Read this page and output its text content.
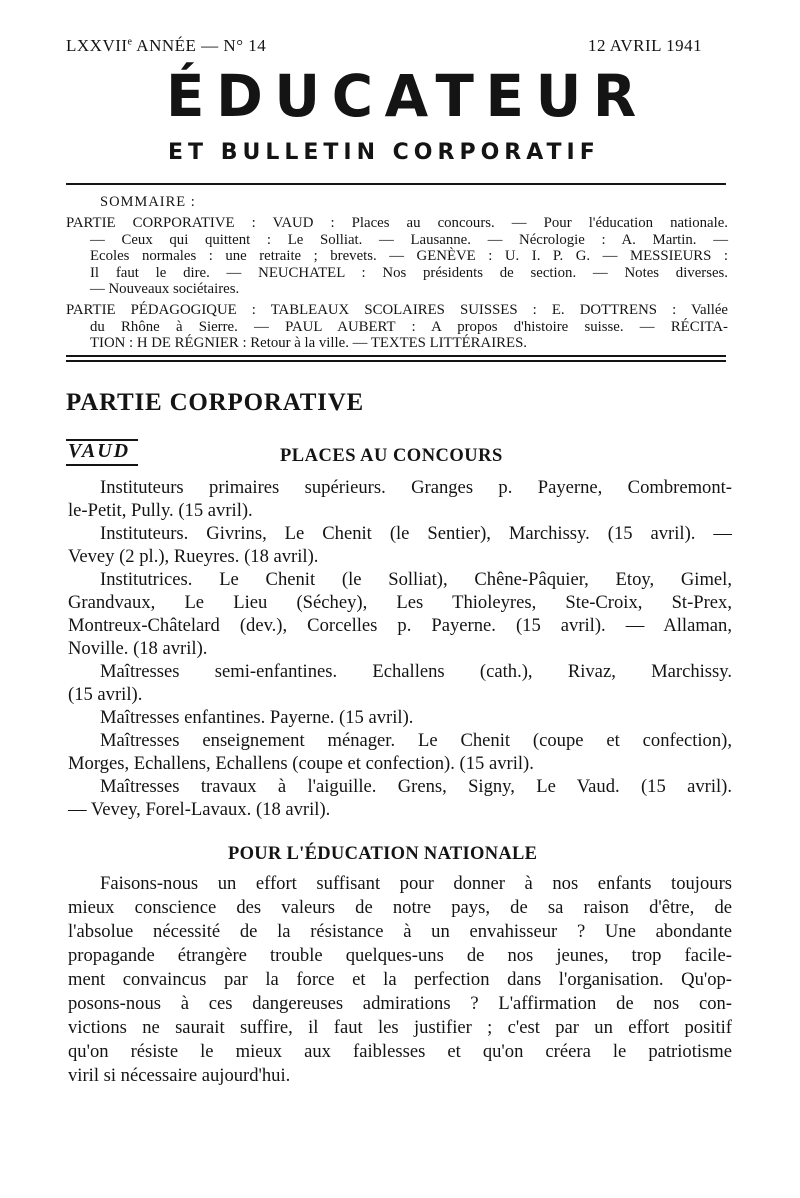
LXXVIIe ANNÉE — N° 14	12 AVRIL 1941
ÉDUCATEUR
ET BULLETIN CORPORATIF
SOMMAIRE :
PARTIE CORPORATIVE : VAUD : Places au concours. — Pour l'éducation nationale.
— Ceux qui quittent : Le Solliat. — Lausanne. — Nécrologie : A. Martin. —
Ecoles normales : une retraite ; brevets. — GENÈVE : U. I. P. G. — MESSIEURS :
Il faut le dire. — NEUCHATEL : Nos présidents de section. — Notes diverses.
— Nouveaux sociétaires.
PARTIE PÉDAGOGIQUE : TABLEAUX SCOLAIRES SUISSES : E. DOTTRENS : Vallée
du Rhône à Sierre. — PAUL AUBERT : A propos d'histoire suisse. — RÉCITA-
TION : H DE RÉGNIER : Retour à la ville. — TEXTES LITTÉRAIRES.
PARTIE CORPORATIVE
VAUD	PLACES AU CONCOURS
Instituteurs primaires supérieurs. Granges p. Payerne, Combremont-
le-Petit, Pully. (15 avril).
Instituteurs. Givrins, Le Chenit (le Sentier), Marchissy. (15 avril). —
Vevey (2 pl.), Rueyres. (18 avril).
Institutrices. Le Chenit (le Solliat), Chêne-Pâquier, Etoy, Gimel,
Grandvaux, Le Lieu (Séchey), Les Thioleyres, Ste-Croix, St-Prex,
Montreux-Châtelard (dev.), Corcelles p. Payerne. (15 avril). — Allaman,
Noville. (18 avril).
Maîtresses semi-enfantines. Echallens (cath.), Rivaz, Marchissy.
(15 avril).
Maîtresses enfantines. Payerne. (15 avril).
Maîtresses enseignement ménager. Le Chenit (coupe et confection),
Morges, Echallens, Echallens (coupe et confection). (15 avril).
Maîtresses travaux à l'aiguille. Grens, Signy, Le Vaud. (15 avril).
— Vevey, Forel-Lavaux. (18 avril).
POUR L'ÉDUCATION NATIONALE
Faisons-nous un effort suffisant pour donner à nos enfants toujours
mieux conscience des valeurs de notre pays, de sa raison d'être, de
l'absolue nécessité de la résistance à un envahisseur ? Une abondante
propagande étrangère trouble quelques-uns de nos jeunes, trop facile-
ment convaincus par la force et la perfection dans l'organisation. Qu'op-
posons-nous à ces dangereuses admirations ? L'affirmation de nos con-
victions ne saurait suffire, il faut les justifier ; c'est par un effort positif
qu'on résiste le mieux aux faiblesses et qu'on créera le patriotisme
viril si nécessaire aujourd'hui.
